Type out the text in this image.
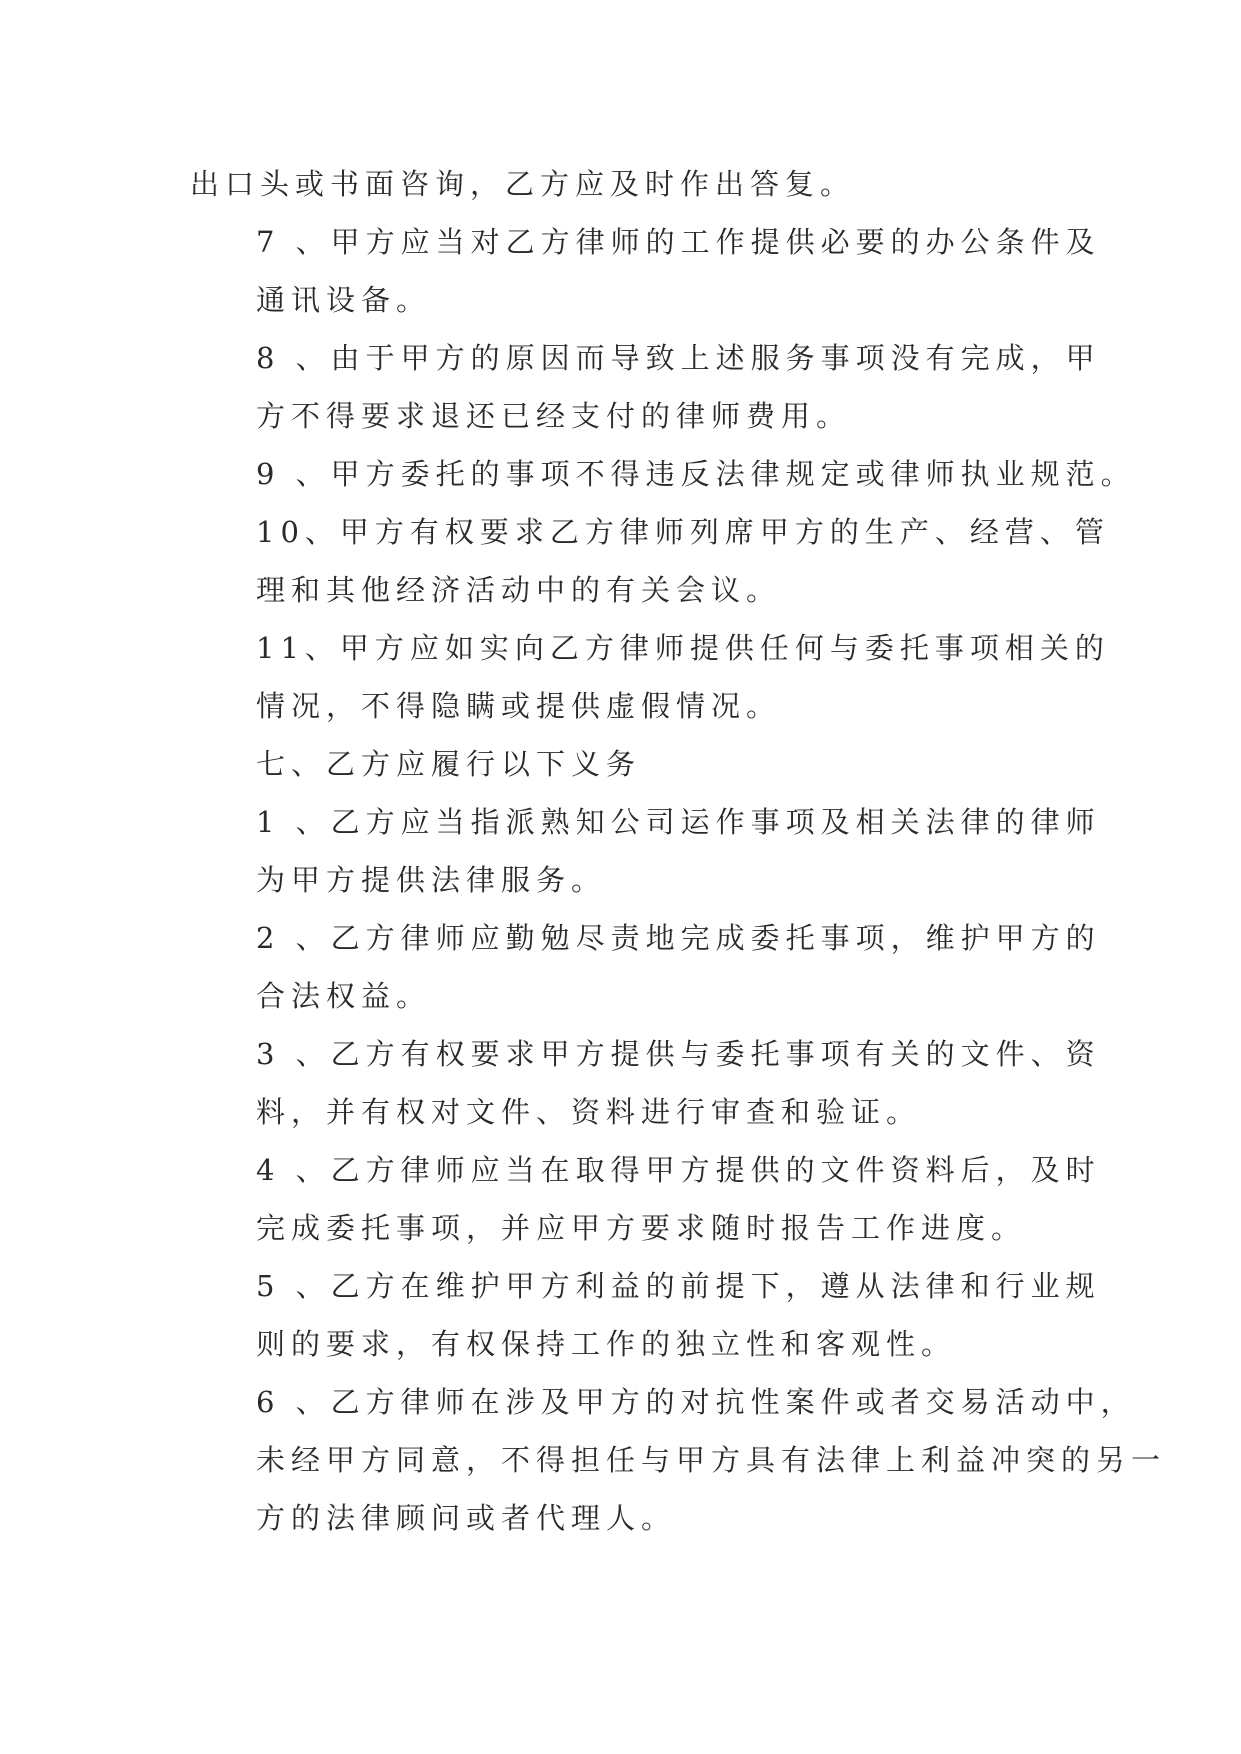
出口头或书面咨询，乙方应及时作出答复。

7 、甲方应当对乙方律师的工作提供必要的办公条件及
通讯设备。

8 、由于甲方的原因而导致上述服务事项没有完成，甲
方不得要求退还已经支付的律师费用。

9 、甲方委托的事项不得违反法律规定或律师执业规范。

10、甲方有权要求乙方律师列席甲方的生产、经营、管
理和其他经济活动中的有关会议。

11、甲方应如实向乙方律师提供任何与委托事项相关的
情况，不得隐瞒或提供虚假情况。

七、乙方应履行以下义务

1 、乙方应当指派熟知公司运作事项及相关法律的律师
为甲方提供法律服务。

2 、乙方律师应勤勉尽责地完成委托事项，维护甲方的
合法权益。

3 、乙方有权要求甲方提供与委托事项有关的文件、资
料，并有权对文件、资料进行审查和验证。

4 、乙方律师应当在取得甲方提供的文件资料后，及时
完成委托事项，并应甲方要求随时报告工作进度。

5 、乙方在维护甲方利益的前提下，遵从法律和行业规
则的要求，有权保持工作的独立性和客观性。

6 、乙方律师在涉及甲方的对抗性案件或者交易活动中，
未经甲方同意，不得担任与甲方具有法律上利益冲突的另一
方的法律顾问或者代理人。
